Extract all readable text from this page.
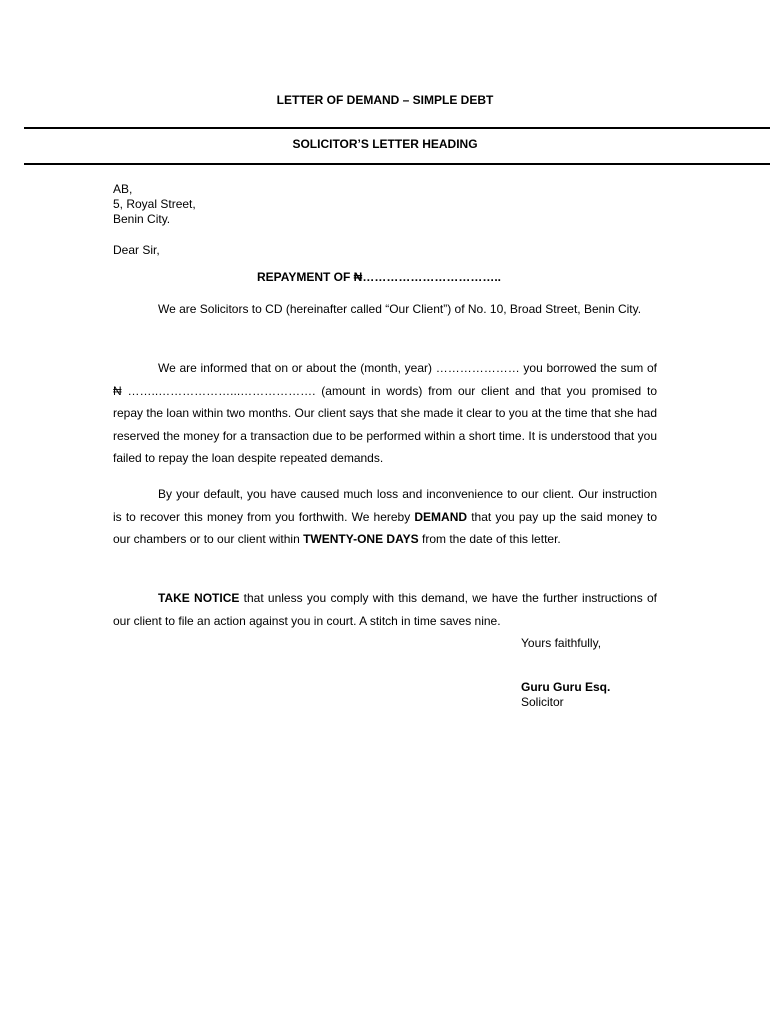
LETTER OF DEMAND – SIMPLE DEBT
SOLICITOR’S LETTER HEADING
AB,
5, Royal Street,
Benin City.
Dear Sir,
REPAYMENT OF ₦……………………………..

We are Solicitors to CD (hereinafter called “Our Client”) of No. 10, Broad Street, Benin City.

We are informed that on or about the (month, year) ………………… you borrowed the sum of ₦ ……..………………...………………. (amount in words) from our client and that you promised to repay the loan within two months. Our client says that she made it clear to you at the time that she had reserved the money for a transaction due to be performed within a short time. It is understood that you failed to repay the loan despite repeated demands.

By your default, you have caused much loss and inconvenience to our client. Our instruction is to recover this money from you forthwith. We hereby DEMAND that you pay up the said money to our chambers or to our client within TWENTY-ONE DAYS from the date of this letter.

TAKE NOTICE that unless you comply with this demand, we have the further instructions of our client to file an action against you in court. A stitch in time saves nine.

Yours faithfully,
Guru Guru Esq.
Solicitor
